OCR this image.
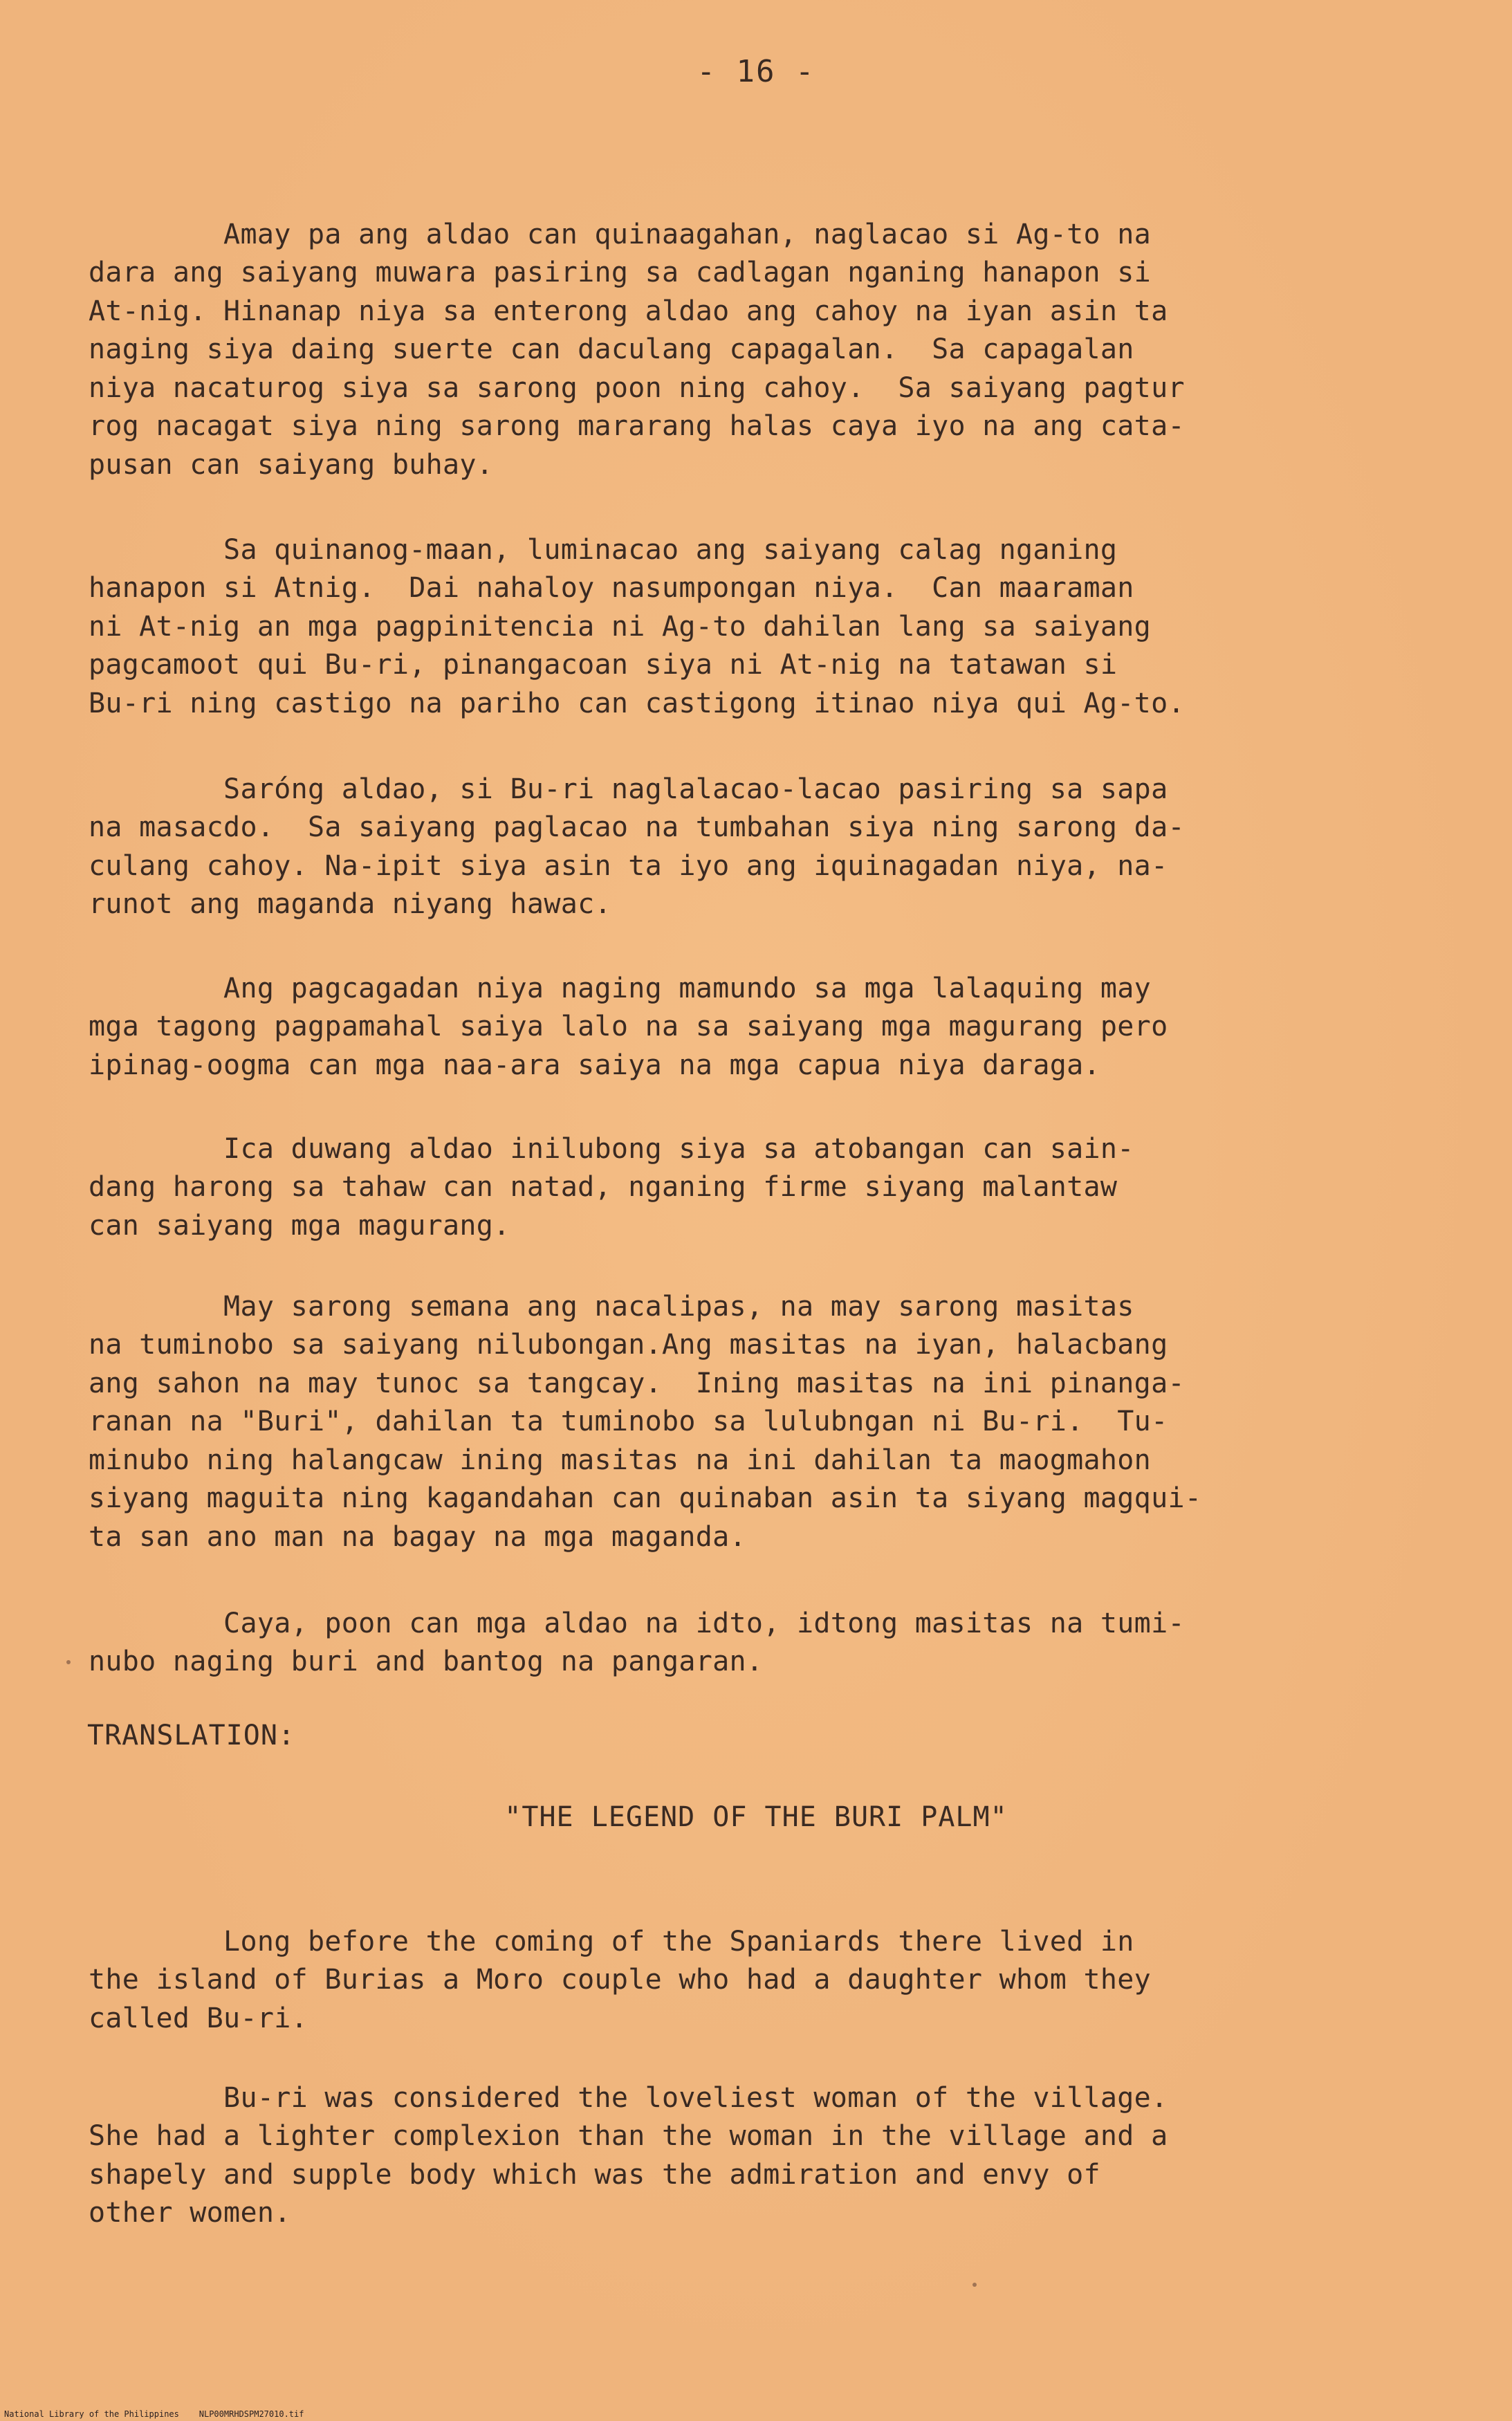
- 16 -

Amay pa ang aldao can quinaagahan, naglacao si Ag-to na
dara ang saiyang muwara pasiring sa cadlagan nganing hanapon si
At-nig. Hinanap niya sa enterong aldao ang cahoy na iyan asin ta
naging siya daing suerte can daculang capagalan.  Sa capagalan
niya nacaturog siya sa sarong poon ning cahoy.  Sa saiyang pagtur
rog nacagat siya ning sarong mararang halas caya iyo na ang cata-
pusan can saiyang buhay.

Sa quinanog-maan, luminacao ang saiyang calag nganing
hanapon si Atnig.  Dai nahaloy nasumpongan niya.  Can maaraman
ni At-nig an mga pagpinitencia ni Ag-to dahilan lang sa saiyang
pagcamoot qui Bu-ri, pinangacoan siya ni At-nig na tatawan si
Bu-ri ning castigo na pariho can castigong itinao niya qui Ag-to.

Saróng aldao, si Bu-ri naglalacao-lacao pasiring sa sapa
na masacdo.  Sa saiyang paglacao na tumbahan siya ning sarong da-
culang cahoy. Na-ipit siya asin ta iyo ang iquinagadan niya, na-
runot ang maganda niyang hawac.

Ang pagcagadan niya naging mamundo sa mga lalaquing may
mga tagong pagpamahal saiya lalo na sa saiyang mga magurang pero
ipinag-oogma can mga naa-ara saiya na mga capua niya daraga.

Ica duwang aldao inilubong siya sa atobangan can sain-
dang harong sa tahaw can natad, nganing firme siyang malantaw
can saiyang mga magurang.

May sarong semana ang nacalipas, na may sarong masitas
na tuminobo sa saiyang nilubongan.Ang masitas na iyan, halacbang
ang sahon na may tunoc sa tangcay.  Ining masitas na ini pinanga-
ranan na "Buri", dahilan ta tuminobo sa lulubngan ni Bu-ri.  Tu-
minubo ning halangcaw ining masitas na ini dahilan ta maogmahon
siyang maguita ning kagandahan can quinaban asin ta siyang magqui-
ta san ano man na bagay na mga maganda.

Caya, poon can mga aldao na idto, idtong masitas na tumi-
nubo naging buri and bantog na pangaran.

TRANSLATION:
"THE LEGEND OF THE BURI PALM"

Long before the coming of the Spaniards there lived in
the island of Burias a Moro couple who had a daughter whom they
called Bu-ri.

Bu-ri was considered the loveliest woman of the village.
She had a lighter complexion than the woman in the village and a
shapely and supple body which was the admiration and envy of
other women.

National Library of the Philippines    NLP00MRHDSPM27010.tif
